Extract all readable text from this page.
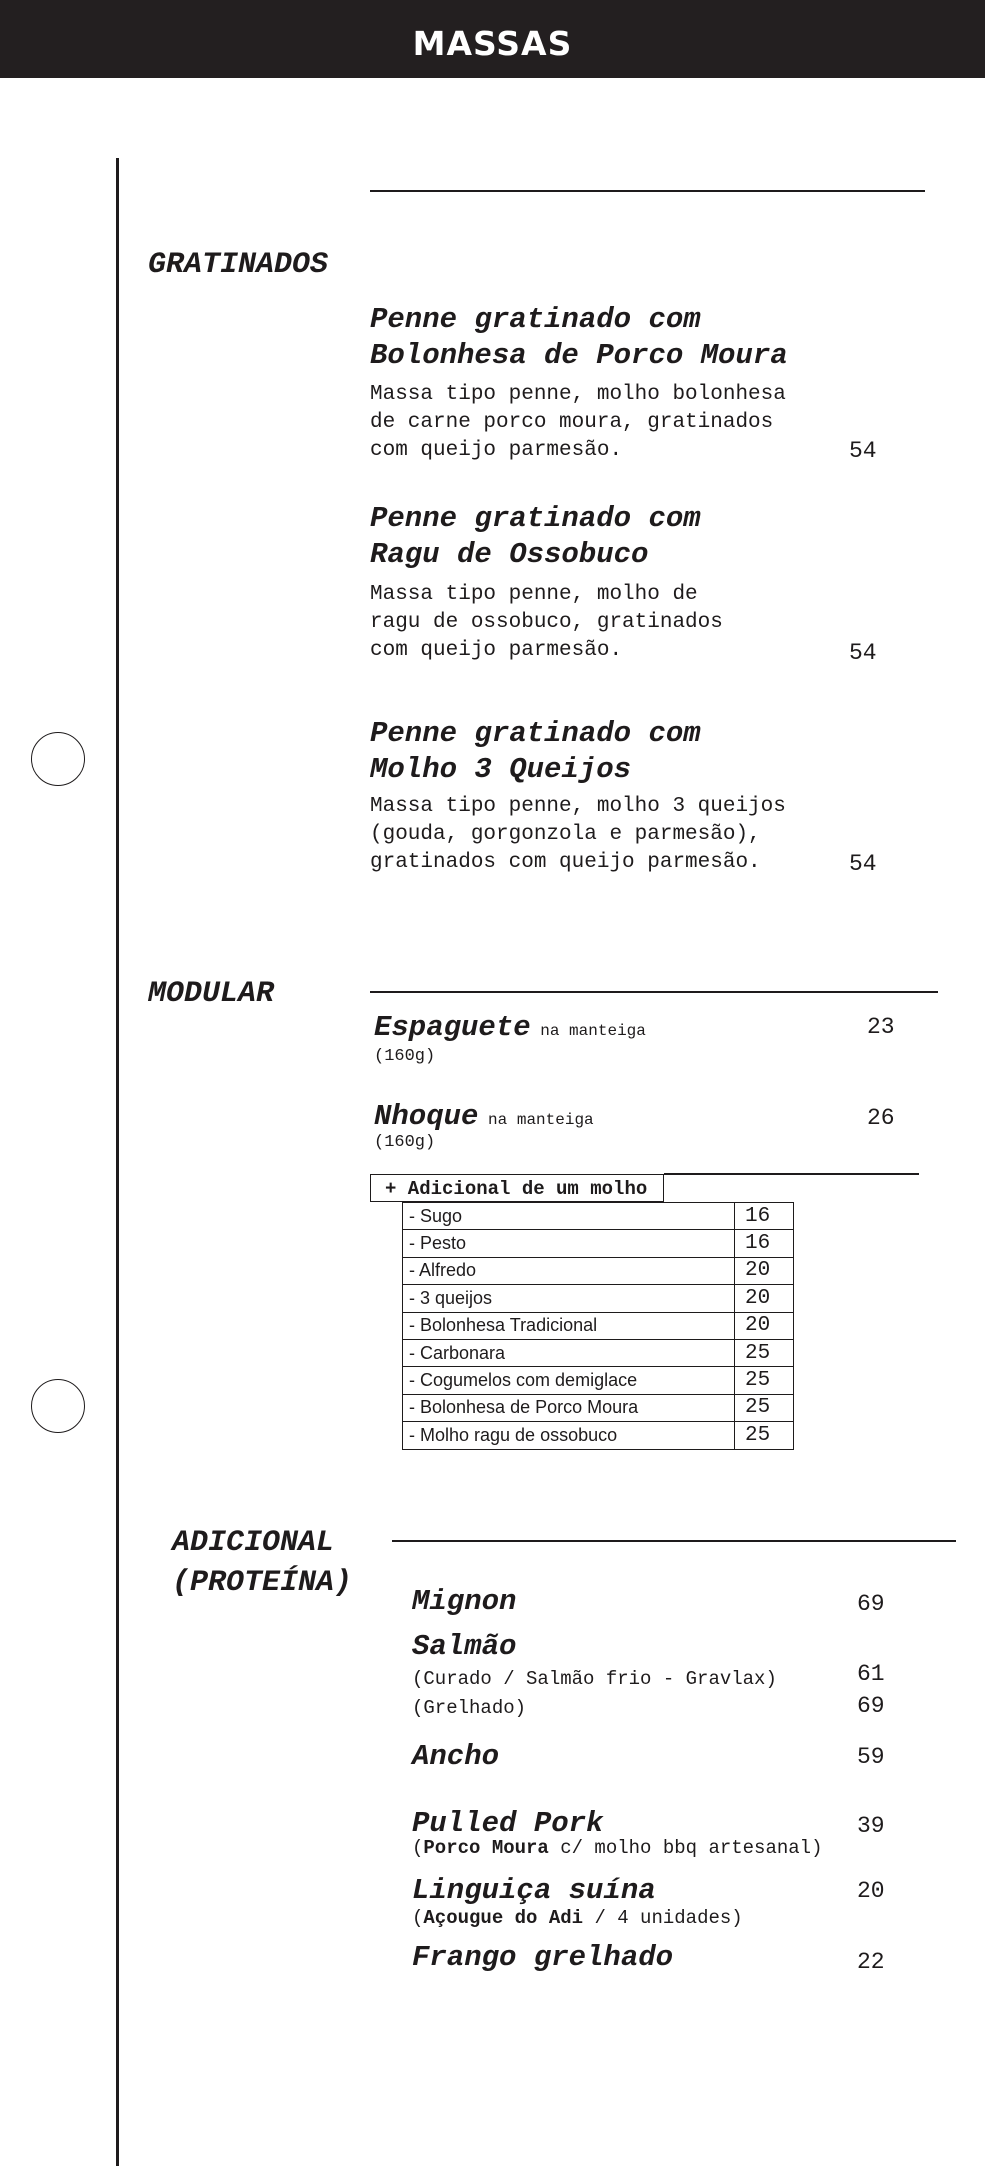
MASSAS
GRATINADOS
Penne gratinado com
Bolonhesa de Porco Moura
Massa tipo penne, molho bolonhesa
de carne porco moura, gratinados
com queijo parmesão.	54
Penne gratinado com
Ragu de Ossobuco
Massa tipo penne, molho de
ragu de ossobuco, gratinados
com queijo parmesão.	54
Penne gratinado com
Molho 3 Queijos
Massa tipo penne, molho 3 queijos
(gouda, gorgonzola e parmesão),
gratinados com queijo parmesão.	54
MODULAR
Espaguete na manteiga
(160g)
23
Nhoque na manteiga
(160g)
26
+ Adicional de um molho
- Sugo	16
- Pesto	16
- Alfredo	20
- 3 queijos	20
- Bolonhesa Tradicional	20
- Carbonara	25
- Cogumelos com demiglace	25
- Bolonhesa de Porco Moura	25
- Molho ragu de ossobuco	25
ADICIONAL
(PROTEÍNA)
Mignon	69
Salmão
(Curado / Salmão frio - Gravlax)	61
(Grelhado)	69
Ancho	59
Pulled Pork
(Porco Moura c/ molho bbq artesanal)
39
Linguiça suína
(Açougue do Adi / 4 unidades)
20
Frango grelhado	22
